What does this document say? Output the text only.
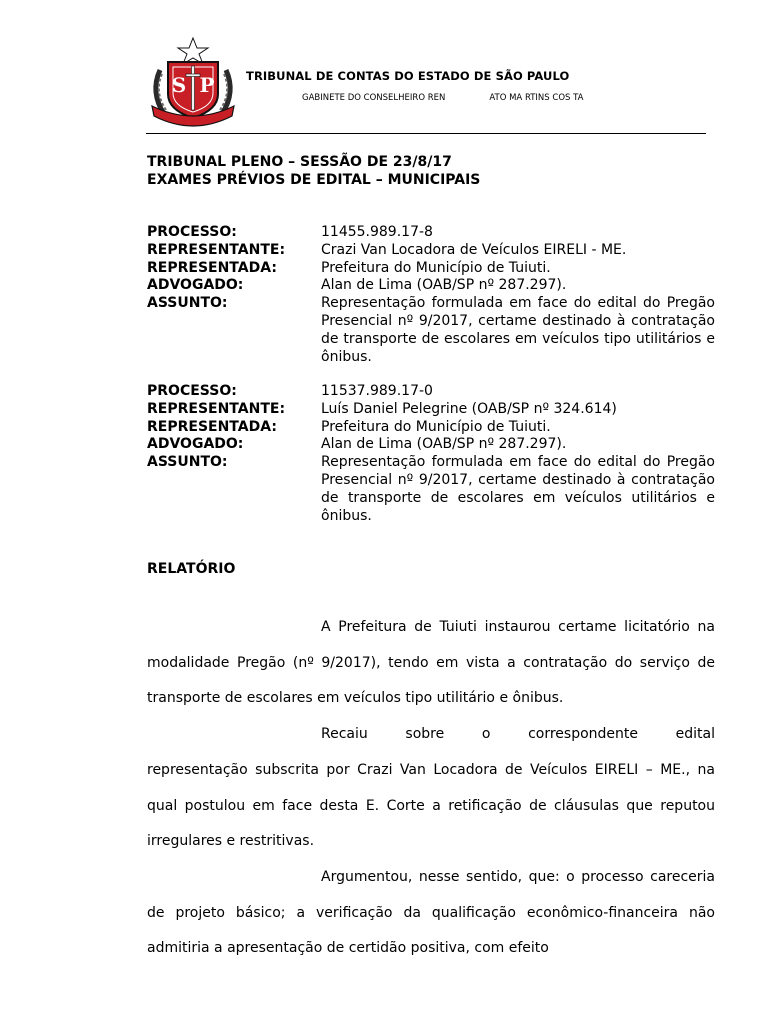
S P	TRIBUNAL DE CONTAS DO ESTADO DE SÃO PAULO
GABINETE DO CONSELHEIRO REN	ATO MA RTINS COS TA
TRIBUNAL PLENO – SESSÃO DE 23/8/17
EXAMES PRÉVIOS DE EDITAL – MUNICIPAIS
PROCESSO:	11455.989.17-8
REPRESENTANTE:	Crazi Van Locadora de Veículos EIRELI - ME.
REPRESENTADA:	Prefeitura do Município de Tuiuti.
ADVOGADO:	Alan de Lima (OAB/SP nº 287.297).
ASSUNTO:	Representação formulada em face do edital do Pregão Presencial nº 9/2017, certame destinado à contratação de transporte de escolares em veículos tipo utilitários e ônibus.
PROCESSO:	11537.989.17-0
REPRESENTANTE:	Luís Daniel Pelegrine (OAB/SP nº 324.614)
REPRESENTADA:	Prefeitura do Município de Tuiuti.
ADVOGADO:	Alan de Lima (OAB/SP nº 287.297).
ASSUNTO:	Representação formulada em face do edital do Pregão Presencial nº 9/2017, certame destinado à contratação de transporte de escolares em veículos utilitários e ônibus.
RELATÓRIO

A Prefeitura de Tuiuti instaurou certame licitatório na modalidade Pregão (nº 9/2017), tendo em vista a contratação do serviço de transporte de escolares em veículos tipo utilitário e ônibus.

Recaiu sobre o correspondente edital

representação subscrita por Crazi Van Locadora de Veículos EIRELI – ME., na qual postulou em face desta E. Corte a retificação de cláusulas que reputou irregulares e restritivas.

Argumentou, nesse sentido, que: o processo careceria de projeto básico; a verificação da qualificação econômico-financeira não admitiria a apresentação de certidão positiva, com efeito
